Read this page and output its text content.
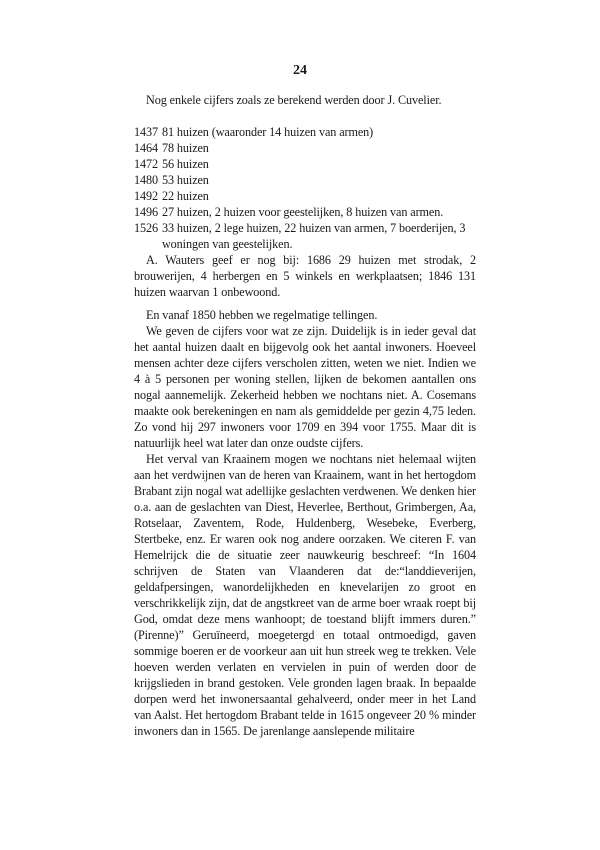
24
Nog enkele cijfers zoals ze berekend werden door J. Cuvelier.
1437 81 huizen (waaronder 14 huizen van armen)
1464 78 huizen
1472 56 huizen
1480 53 huizen
1492 22 huizen
1496 27 huizen, 2 huizen voor geestelijken, 8 huizen van armen.
1526 33 huizen, 2 lege huizen, 22 huizen van armen, 7 boerderijen, 3 woningen van geestelijken.

A. Wauters geef er nog bij: 1686 29 huizen met strodak, 2 brouwerijen, 4 herbergen en 5 winkels en werkplaatsen; 1846 131 huizen waarvan 1 onbewoond.

En vanaf 1850 hebben we regelmatige tellingen.

We geven de cijfers voor wat ze zijn. Duidelijk is in ieder geval dat het aantal huizen daalt en bijgevolg ook het aantal inwoners. Hoeveel mensen achter deze cijfers verscholen zitten, weten we niet. Indien we 4 à 5 personen per woning stellen, lijken de bekomen aantallen ons nogal aannemelijk. Zekerheid hebben we nochtans niet. A. Cosemans maakte ook berekeningen en nam als gemiddelde per gezin 4,75 leden. Zo vond hij 297 inwoners voor 1709 en 394 voor 1755. Maar dit is natuurlijk heel wat later dan onze oudste cijfers.

Het verval van Kraainem mogen we nochtans niet helemaal wijten aan het verdwijnen van de heren van Kraainem, want in het hertogdom Brabant zijn nogal wat adellijke geslachten verdwenen. We denken hier o.a. aan de geslachten van Diest, Heverlee, Berthout, Grimbergen, Aa, Rotselaar, Zaventem, Rode, Huldenberg, Wesebeke, Everberg, Stertbeke, enz. Er waren ook nog andere oorzaken. We citeren F. van Hemelrijck die de situatie zeer nauwkeurig beschreef: “In 1604 schrijven de Staten van Vlaanderen dat de:“landdieverijen, geldafpersingen, wanordelijkheden en knevelarijen zo groot en verschrikkelijk zijn, dat de angstkreet van de arme boer wraak roept bij God, omdat deze mens wanhoopt; de toestand blijft immers duren.” (Pirenne)” Geruïneerd, moegetergd en totaal ontmoedigd, gaven sommige boeren er de voorkeur aan uit hun streek weg te trekken. Vele hoeven werden verlaten en vervielen in puin of werden door de krijgslieden in brand gestoken. Vele gronden lagen braak. In bepaalde dorpen werd het inwonersaantal gehalveerd, onder meer in het Land van Aalst. Het hertogdom Brabant telde in 1615 ongeveer 20 % minder inwoners dan in 1565. De jarenlange aanslepende militaire
